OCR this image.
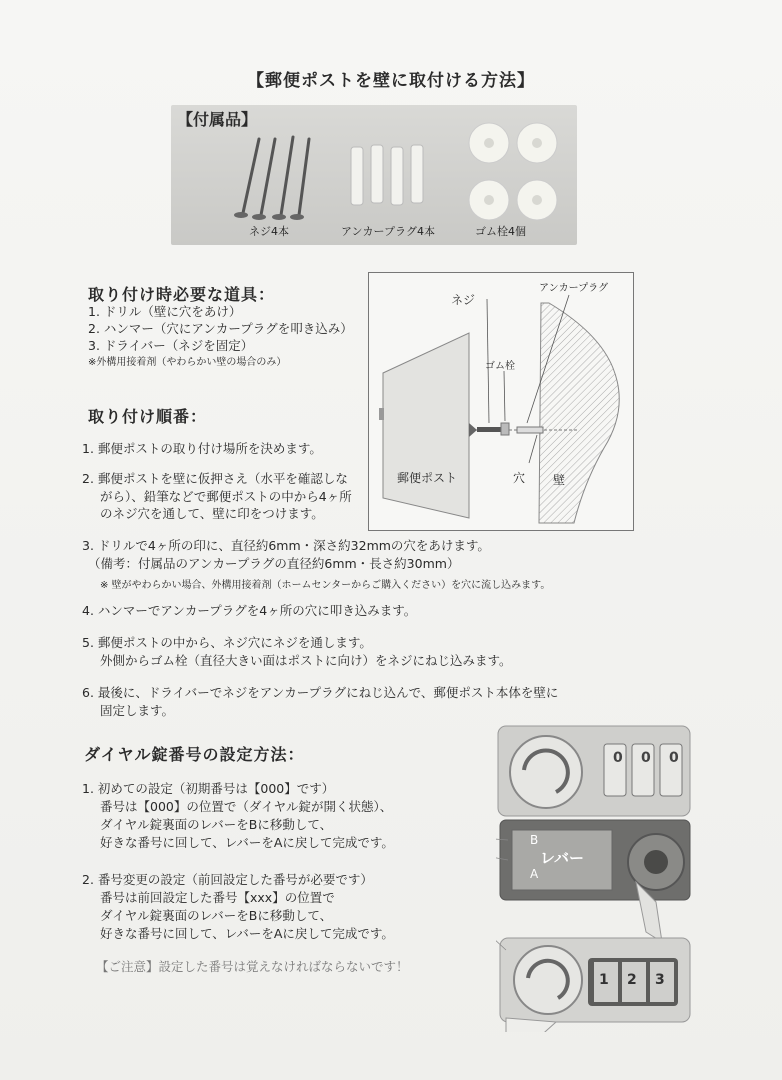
【郵便ポストを壁に取付ける方法】
【付属品】
ネジ4本	アンカープラグ4本	ゴム栓4個
取り付け時必要な道具：
1. ドリル（壁に穴をあけ）
2. ハンマー（穴にアンカープラグを叩き込み）
3. ドライバー（ネジを固定）
※外構用接着剤（やわらかい壁の場合のみ）
ネジ
アンカープラグ
ゴム栓
郵便ポスト	穴 壁
取り付け順番：
1. 郵便ポストの取り付け場所を決めます。
2. 郵便ポストを壁に仮押さえ（水平を確認しな
がら）、鉛筆などで郵便ポストの中から4ヶ所
のネジ穴を通して、壁に印をつけます。
3. ドリルで4ヶ所の印に、直径約6mm・深さ約32mmの穴をあけます。
（備考：付属品のアンカープラグの直径約6mm・長さ約30mm）
※ 壁がやわらかい場合、外構用接着剤（ホームセンターからご購入ください）を穴に流し込みます。
4. ハンマーでアンカープラグを4ヶ所の穴に叩き込みます。
5. 郵便ポストの中から、ネジ穴にネジを通します。
外側からゴム栓（直径大きい面はポストに向け）をネジにねじ込みます。
6. 最後に、ドライバーでネジをアンカープラグにねじ込んで、郵便ポスト本体を壁に
固定します。
ダイヤル錠番号の設定方法：
1. 初めての設定（初期番号は【000】です）
番号は【000】の位置で（ダイヤル錠が開く状態）、
ダイヤル錠裏面のレバーをBに移動して、
好きな番号に回して、レバーをAに戻して完成です。
2. 番号変更の設定（前回設定した番号が必要です）
番号は前回設定した番号【xxx】の位置で
ダイヤル錠裏面のレバーをBに移動して、
好きな番号に回して、レバーをAに戻して完成です。
【ご注意】設定した番号は覚えなければならないです！
0 0 0
1 2 3
B
レバー
A
